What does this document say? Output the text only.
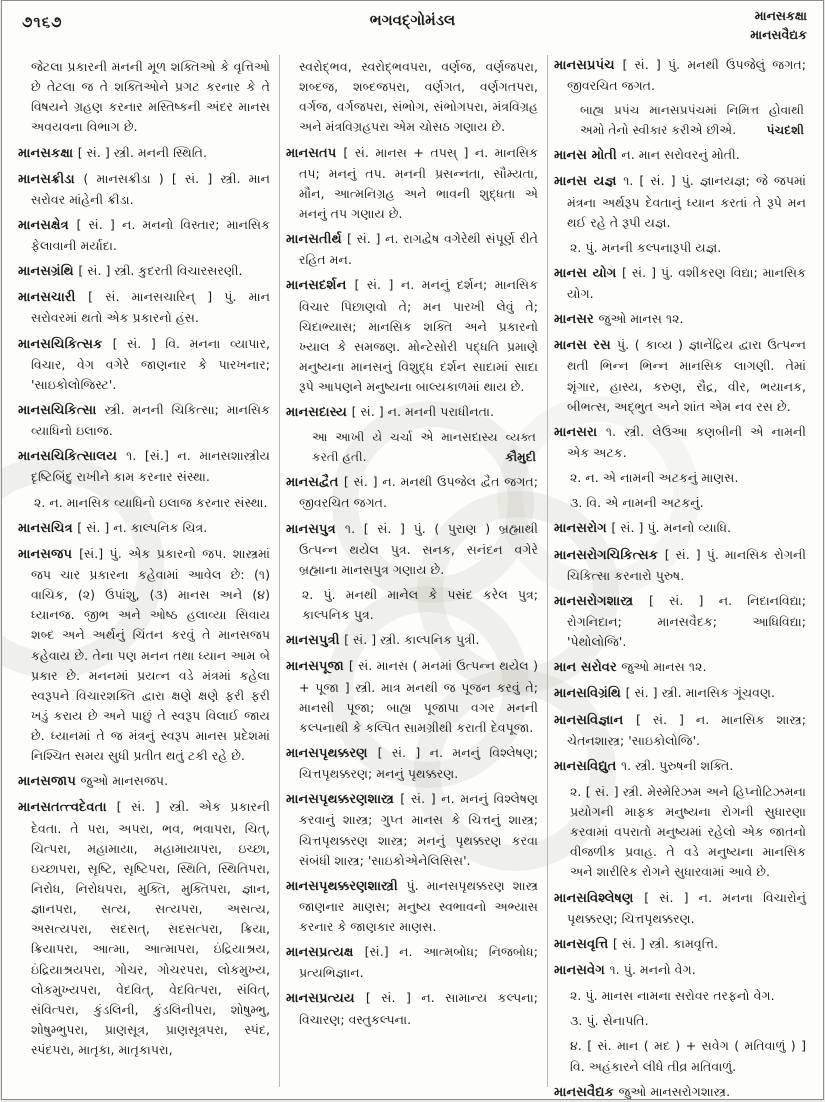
૭૧૬૭	ભગવદ્ગોમંડલ	માનસકક્ષા
માનસવૈદ્યક
જેટલા પ્રકારની મનની મૂળ શક્તિઓ કે વૃત્તિઓ છે તેટલા જ તે શક્તિઓને પ્રગટ કરનાર કે તે વિષયને ગ્રહણ કરનાર મસ્તિષ્કની અંદર માનસ અવયવના વિભાગ છે.
માનસકક્ષા [ સં. ] સ્ત્રી. મનની સ્થિતિ.
માનસક્રીડા ( માનસક્રીડા ) [ સં. ] સ્ત્રી. માન સરોવર માંહેની ક્રીડા.
માનસક્ષેત્ર [ સં. ] ન. મનનો વિસ્તાર; માનસિક ફેલાવાની મર્યાદા.
માનસગ્રંથિ [ સં. ] સ્ત્રી. કુદરતી વિચારસરણી.
માનસચારી [ સં. માનસચારિન્ ] પું. માન સરોવરમાં થતો એક પ્રકારનો હંસ.
માનસચિકિત્સક [ સં. ] વિ. મનના વ્યાપાર, વિચાર, વેગ વગેરે જાણનાર કે પારખનાર; 'સાઇકોલોજિસ્ટ'.
માનસચિકિત્સા સ્ત્રી. મનની ચિકિત્સા; માનસિક વ્યાધિનો ઇલાજ.
માનસચિકિત્સાલય ૧. [સં.] ન. માનસશાસ્ત્રીય દૃષ્ટિબિંદુ રાખીને કામ કરનાર સંસ્થા.
૨. ન. માનસિક વ્યાધિનો ઇલાજ કરનાર સંસ્થા.
માનસચિત્ર [ સં. ] ન. કાલ્પનિક ચિત્ર.
માનસજપ [સં.] પું. એક પ્રકારનો જપ. શાસ્ત્રમાં જપ ચાર પ્રકારના કહેવામાં આવેલ છે: (૧) વાચિક, (૨) ઉપાંશુ, (૩) માનસ અને (૪) ધ્યાનજ. જીભ અને ઓષ્ઠ હલાવ્યા સિવાય શબ્દ અને અર્થનું ચિંતન કરવું તે માનસજપ કહેવાય છે. તેના પણ મનન તથા ધ્યાન આમ બે પ્રકાર છે. મનનમાં પ્રયત્ન વડે મંત્રમાં કહેલા સ્વરૂપને વિચારશક્તિ દ્વારા ક્ષણે ક્ષણે ફરી ફરી ખડું કરાય છે અને પાછું તે સ્વરૂપ વિલાઈ જાય છે. ધ્યાનમાં તે જ મંત્રનું સ્વરૂપ માનસ પ્રદેશમાં નિશ્ચિત સમય સુધી પ્રતીત થતું ટકી રહે છે.
માનસજાપ જુઓ માનસજપ.
માનસતત્ત્વદેવતા [ સં. ] સ્ત્રી. એક પ્રકારની દેવતા. તે પરા, અપરા, ભવ, ભવાપરા, ચિત્, ચિત્પરા, મહામાયા, મહામાયાપરા, ઇચ્છા, ઇચ્છાપરા, સૃષ્ટિ, સૃષ્ટિપરા, સ્થિતિ, સ્થિતિપરા, નિરોધ, નિરોધપરા, મુક્તિ, મુક્તિપરા, જ્ઞાન, જ્ઞાનપરા, સત્ય, સત્યપરા, અસત્ય, અસત્યપરા, સદસત્, સદસત્પરા, ક્રિયા, ક્રિયાપરા, આત્મા, આત્માપરા, ઇંદ્રિયાશ્રય, ઇંદ્રિયાશ્રયપરા, ગોચર, ગોચરપરા, લોકમુખ્ય, લોકમુખ્યપરા, વેદવિત્, વેદવિત્પરા, સંવિત્, સંવિત્પરા, કુંડલિની, કુંડલિનીપરા, શોષુમ્ભુ, શોષુમ્ભુપરા, પ્રાણસૂત્ર, પ્રાણસૂત્રપરા, સ્પંદ, સ્પંદપરા, માતૃકા, માતૃકાપરા,
સ્વરોદ્ભવ, સ્વરોદ્ભવપરા, વર્ણજ, વર્ણજપરા, શબ્દજ, શબ્દજપરા, વર્ણગત, વર્ણગતપરા, વર્ગજ, વર્ગજપરા, સંભોગ, સંભોગપરા, મંત્રવિગ્રહ અને મંત્રવિગ્રહપરા એમ ચોસઠ ગણાય છે.
માનસતપ [ સં. માનસ + તપસ્ ] ન. માનસિક તપ; મનનું તપ. મનની પ્રસન્નતા, સૌમ્યતા, મૌન, આત્મનિગ્રહ અને ભાવની શુદ્ધતા એ મનનું તપ ગણાય છે.
માનસતીર્થ [ સં. ] ન. રાગદ્વેષ વગેરેથી સંપૂર્ણ રીતે રહિત મન.
માનસદર્શન [ સં. ] ન. મનનું દર્શન; માનસિક વિચાર પિછાણવો તે; મન પારખી લેવું તે; ચિદાભ્યાસ; માનસિક શક્તિ અને પ્રકારનો ખ્યાલ કે સમજણ. મોન્ટેસોરી પદ્ધતિ પ્રમાણે મનુષ્યના માનસનું વિશુદ્ધ દર્શન સાદામાં સાદા રૂપે આપણને મનુષ્યના બાલ્યકાળમાં થાય છે.
માનસદાસ્ય [ સં. ] ન. મનની પરાધીનતા.
આ આખી યે ચર્ચા એ માનસદાસ્ય વ્યક્ત કરતી હતી.	કૌમુદી
માનસદ્વૈત [ સં. ] ન. મનથી ઉપજેલ દ્વૈત જગત; જીવરચિત જગત.
માનસપુત્ર ૧. [ સં. ] પું. ( પુરાણ ) બ્રહ્માથી ઉત્પન્ન થયેલ પુત્ર. સનક, સનંદન વગેરે બ્રહ્માના માનસપુત્ર ગણાય છે.
૨. પું. મનથી માનેલ કે પસંદ કરેલ પુત્ર; કાલ્પનિક પુત્ર.
માનસપુત્રી [ સં. ] સ્ત્રી. કાલ્પનિક પુત્રી.
માનસપૂજા [ સં. માનસ ( મનમાં ઉત્પન્ન થયેલ ) + પૂજા ] સ્ત્રી. માત્ર મનથી જ પૂજન કરવું તે; માનસી પૂજા; બાહ્ય પૂજાપા વગર મનની કલ્પનાથી કે કલ્પિત સામગ્રીથી કરાતી દેવપૂજા.
માનસપૃથક્કરણ [ સં. ] ન. મનનું વિશ્લેષણ; ચિત્તપૃથક્કરણ; મનનું પૃથક્કરણ.
માનસપૃથક્કરણશાસ્ત્ર [ સં. ] ન. મનનું વિશ્લેષણ કરવાનું શાસ્ત્ર; ગુપ્ત માનસ કે ચિત્તનું શાસ્ત્ર; ચિત્તપૃથક્કરણ શાસ્ત્ર; મનનું પૃથક્કરણ કરવા સંબંધી શાસ્ત્ર; 'સાઇકોએનેલિસિસ'.
માનસપૃથક્કરણશાસ્ત્રી પું. માનસપૃથક્કરણ શાસ્ત્ર જાણનાર માણસ; મનુષ્ય સ્વભાવનો અભ્યાસ કરનાર કે જાણકાર માણસ.
માનસપ્રત્યક્ષ [સં.] ન. આત્મબોધ; નિજબોધ; પ્રત્યભિજ્ઞાન.
માનસપ્રત્યય [ સં. ] ન. સામાન્ય કલ્પના; વિચારણ; વસ્તુકલ્પના.
માનસપ્રપંચ [ સં. ] પું. મનથી ઉપજેલું જગત; જીવરચિત જગત.
બાહ્ય પ્રપંચ માનસપ્રપંચમાં નિમિત્ત હોવાથી અમો તેનો સ્વીકાર કરીએ છીએ.	પંચદશી
માનસ મોતી ન. માન સરોવરનું મોતી.
માનસ યજ્ઞ ૧. [ સં. ] પું. જ્ઞાનયજ્ઞ; જે જપમાં મંત્રના અર્થરૂપ દેવતાનું ધ્યાન કરતાં તે રૂપે મન થઈ રહે તે રૂપી યજ્ઞ.
૨. પું. મનની કલ્પનારૂપી યજ્ઞ.
માનસ યોગ [ સં. ] પું. વશીકરણ વિદ્યા; માનસિક યોગ.
માનસર જુઓ માનસ ૧૨.
માનસ રસ પું. ( કાવ્ય ) જ્ઞાનેંદ્રિય દ્વારા ઉત્પન્ન થતી ભિન્ન ભિન્ન માનસિક લાગણી. તેમાં શૃંગાર, હાસ્ય, કરુણ, રૌદ્ર, વીર, ભયાનક, બીભત્સ, અદ્ભુત અને શાંત એમ નવ રસ છે.
માનસરા ૧. સ્ત્રી. લેઉઆ કણબીની એ નામની એક અટક.
૨. ન. એ નામની અટકનું માણસ.
૩. વિ. એ નામની અટકનું.
માનસરોગ [ સં. ] પું. મનનો વ્યાધિ.
માનસરોગચિકિત્સક [ સં. ] પું. માનસિક રોગની ચિકિત્સા કરનારો પુરુષ.
માનસરોગશાસ્ત્ર [ સં. ] ન. નિદાનવિદ્યા; રોગનિદાન; માનસવૈદક; આધિવિદ્યા; 'પેથોલોજિ'.
માન સરોવર જુઓ માનસ ૧૨.
માનસવિગ્રંથિ [ સં. ] સ્ત્રી. માનસિક ગૂંચવણ.
માનસવિજ્ઞાન [ સં. ] ન. માનસિક શાસ્ત્ર; ચેતનશાસ્ત્ર; 'સાઇકોલોજિ'.
માનસવિદ્યુત ૧. સ્ત્રી. પુરુષની શક્તિ.
૨. [ સં. ] સ્ત્રી. મેસ્મેરિઝમ અને હિપ્નોટિઝમના પ્રયોગની માફક મનુષ્યના રોગની સુધારણા કરવામાં વપરાતો મનુષ્યમાં રહેલો એક જાતનો વીજળીક પ્રવાહ. તે વડે મનુષ્યના માનસિક અને શારીરિક રોગને સુધારવામાં આવે છે.
માનસવિશ્લેષણ [ સં. ] ન. મનના વિચારોનું પૃથક્કરણ; ચિત્તપૃથક્કરણ.
માનસવૃત્તિ [ સં. ] સ્ત્રી. કામવૃત્તિ.
માનસવેગ ૧. પું. મનનો વેગ.
૨. પું. માનસ નામના સરોવર તરફનો વેગ.
૩. પું. સેનાપતિ.
૪. [ સં. માન ( મદ ) + સવેગ ( મતિવાળું ) ] વિ. અહંકારને લીધે તીવ્ર મતિવાળું.
માનસવૈદ્યક જુઓ માનસરોગશાસ્ત્ર.
